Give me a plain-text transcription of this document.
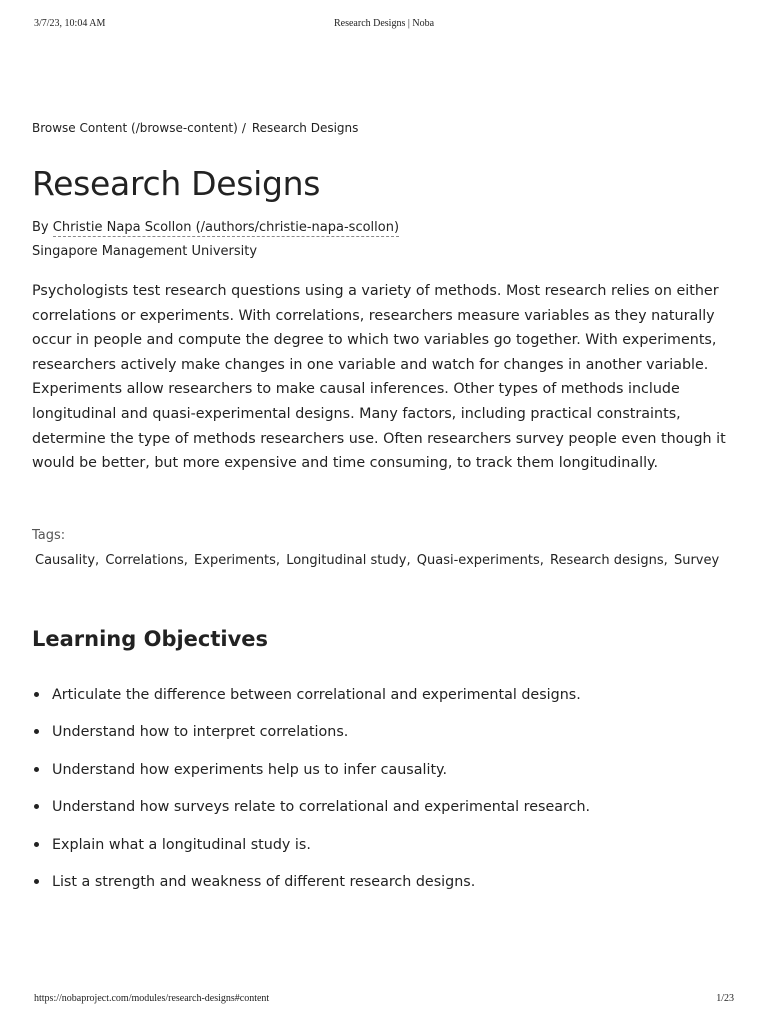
3/7/23, 10:04 AM	Research Designs | Noba
Browse Content (/browse-content) / Research Designs
Research Designs
By Christie Napa Scollon (/authors/christie-napa-scollon)
Singapore Management University

Psychologists test research questions using a variety of methods. Most research relies on either correlations or experiments. With correlations, researchers measure variables as they naturally occur in people and compute the degree to which two variables go together. With experiments, researchers actively make changes in one variable and watch for changes in another variable. Experiments allow researchers to make causal inferences. Other types of methods include longitudinal and quasi-experimental designs. Many factors, including practical constraints, determine the type of methods researchers use. Often researchers survey people even though it would be better, but more expensive and time consuming, to track them longitudinally.

Tags:
Causality, Correlations, Experiments, Longitudinal study, Quasi-experiments, Research designs, Survey
Learning Objectives
Articulate the difference between correlational and experimental designs.
Understand how to interpret correlations.
Understand how experiments help us to infer causality.
Understand how surveys relate to correlational and experimental research.
Explain what a longitudinal study is.
List a strength and weakness of different research designs.
https://nobaproject.com/modules/research-designs#content	1/23
